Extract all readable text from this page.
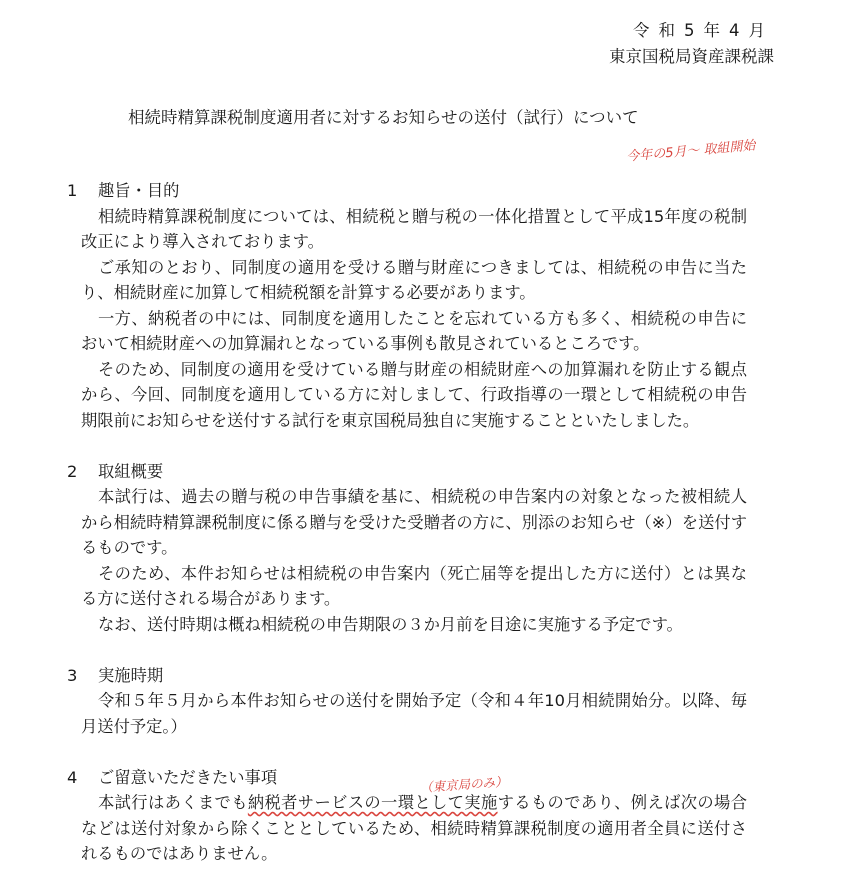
令和5年4月
東京国税局資産課税課
相続時精算課税制度適用者に対するお知らせの送付（試行）について
今年の5月～ 取組開始
1 趣旨・目的

相続時精算課税制度については、相続税と贈与税の一体化措置として平成15年度の税制改正により導入されております。

ご承知のとおり、同制度の適用を受ける贈与財産につきましては、相続税の申告に当たり、相続財産に加算して相続税額を計算する必要があります。

一方、納税者の中には、同制度を適用したことを忘れている方も多く、相続税の申告において相続財産への加算漏れとなっている事例も散見されているところです。

そのため、同制度の適用を受けている贈与財産の相続財産への加算漏れを防止する観点から、今回、同制度を適用している方に対しまして、行政指導の一環として相続税の申告期限前にお知らせを送付する試行を東京国税局独自に実施することといたしました。

2 取組概要

本試行は、過去の贈与税の申告事績を基に、相続税の申告案内の対象となった被相続人から相続時精算課税制度に係る贈与を受けた受贈者の方に、別添のお知らせ（※）を送付するものです。

そのため、本件お知らせは相続税の申告案内（死亡届等を提出した方に送付）とは異なる方に送付される場合があります。

なお、送付時期は概ね相続税の申告期限の３か月前を目途に実施する予定です。

3 実施時期

令和５年５月から本件お知らせの送付を開始予定（令和４年10月相続開始分。以降、毎月送付予定。）

4 ご留意いただきたい事項

本試行はあくまでも納税者サービスの一環として実施するものであり、例えば次の場合などは送付対象から除くこととしているため、相続時精算課税制度の適用者全員に送付されるものではありません。

（東京局のみ）
